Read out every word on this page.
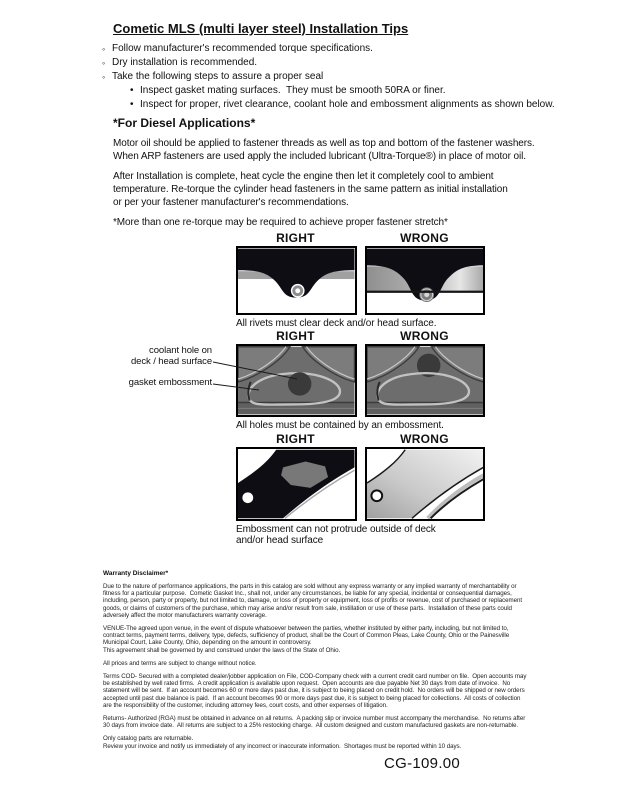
Cometic MLS (multi layer steel) Installation Tips
◦ Follow manufacturer's recommended torque specifications.
◦ Dry installation is recommended.
◦ Take the following steps to assure a proper seal
• Inspect gasket mating surfaces.  They must be smooth 50RA or finer.
• Inspect for proper, rivet clearance, coolant hole and embossment alignments as shown below.
*For Diesel Applications*
Motor oil should be applied to fastener threads as well as top and bottom of the fastener washers.
When ARP fasteners are used apply the included lubricant (Ultra-Torque®) in place of motor oil.
After Installation is complete, heat cycle the engine then let it completely cool to ambient
temperature. Re-torque the cylinder head fasteners in the same pattern as initial installation
or per your fastener manufacturer's recommendations.
*More than one re-torque may be required to achieve proper fastener stretch*
RIGHT	WRONG
All rivets must clear deck and/or head surface.
RIGHT	WRONG
All holes must be contained by an embossment.
coolant hole on
deck / head surface
gasket embossment
RIGHT	WRONG
Embossment can not protrude outside of deck
and/or head surface
Warranty Disclaimer*
Due to the nature of performance applications, the parts in this catalog are sold without any express warranty or any implied warranty of merchantability or
fitness for a particular purpose.  Cometic Gasket Inc., shall not, under any circumstances, be liable for any special, incidental or consequential damages,
including, person, party or property, but not limited to, damage, or loss of property or equipment, loss of profits or revenue, cost of purchased or replacement
goods, or claims of customers of the purchase, which may arise and/or result from sale, instillation or use of these parts.  Installation of these parts could
adversely affect the motor manufacturers warranty coverage.
VENUE-The agreed upon venue, in the event of dispute whatsoever between the parties, whether instituted by either party, including, but not limited to,
contract terms, payment terms, delivery, type, defects, sufficiency of product, shall be the Court of Common Pleas, Lake County, Ohio or the Painesville
Municipal Court, Lake County, Ohio, depending on the amount in controversy.
This agreement shall be governed by and construed under the laws of the State of Ohio.
All prices and terms are subject to change without notice.
Terms COD- Secured with a completed dealer/jobber application on File, COD-Company check with a current credit card number on file.  Open accounts may
be established by well rated firms.  A credit application is available upon request.  Open accounts are due payable Net 30 days from date of invoice.  No
statement will be sent.  If an account becomes 60 or more days past due, it is subject to being placed on credit hold.  No orders will be shipped or new orders
accepted until past due balance is paid.  If an account becomes 90 or more days past due, it is subject to being placed for collections.  All costs of collection
are the responsibility of the customer, including attorney fees, court costs, and other expenses of litigation.
Returns- Authorized (RGA) must be obtained in advance on all returns.  A packing slip or invoice number must accompany the merchandise.  No returns after
30 days from invoice date.  All returns are subject to a 25% restocking charge.  All custom designed and custom manufactured gaskets are non-returnable.
Only catalog parts are returnable.
Review your invoice and notify us immediately of any incorrect or inaccurate information.  Shortages must be reported within 10 days.
CG-109.00
